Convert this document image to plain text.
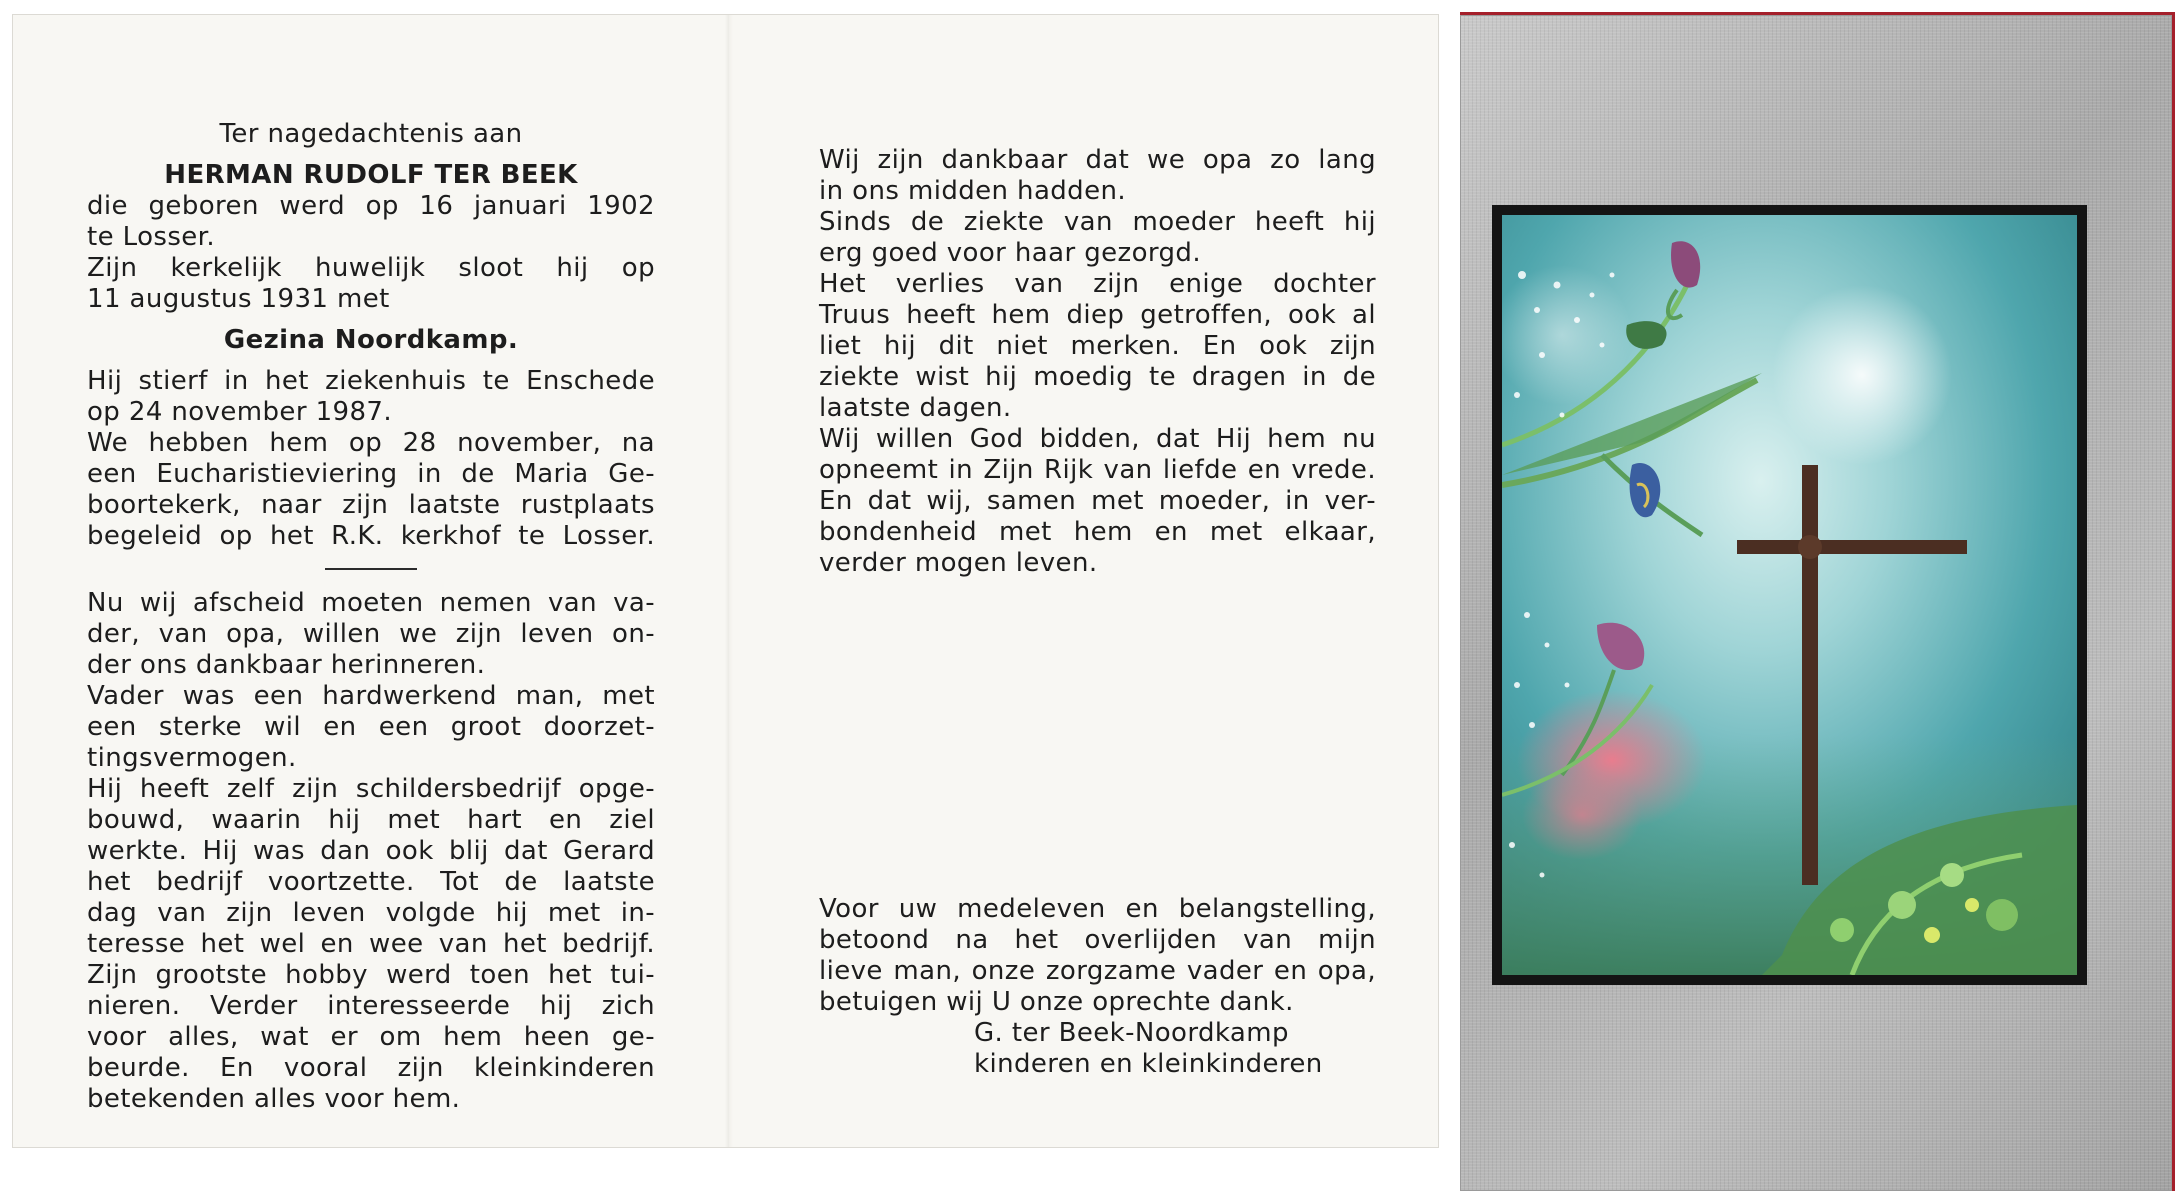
Ter nagedachtenis aan
HERMAN RUDOLF TER BEEK
die geboren werd op 16 januari 1902
te Losser.
Zijn kerkelijk huwelijk sloot hij op
11 augustus 1931 met
Gezina Noordkamp.
Hij stierf in het ziekenhuis te Enschede
op 24 november 1987.
We hebben hem op 28 november, na
een Eucharistieviering in de Maria Ge-
boortekerk, naar zijn laatste rustplaats
begeleid op het R.K. kerkhof te Losser.
Nu wij afscheid moeten nemen van va-
der, van opa, willen we zijn leven on-
der ons dankbaar herinneren.
Vader was een hardwerkend man, met
een sterke wil en een groot doorzet-
tingsvermogen.
Hij heeft zelf zijn schildersbedrijf opge-
bouwd, waarin hij met hart en ziel
werkte. Hij was dan ook blij dat Gerard
het bedrijf voortzette. Tot de laatste
dag van zijn leven volgde hij met in-
teresse het wel en wee van het bedrijf.
Zijn grootste hobby werd toen het tui-
nieren. Verder interesseerde hij zich
voor alles, wat er om hem heen ge-
beurde. En vooral zijn kleinkinderen
betekenden alles voor hem.
Wij zijn dankbaar dat we opa zo lang
in ons midden hadden.
Sinds de ziekte van moeder heeft hij
erg goed voor haar gezorgd.
Het verlies van zijn enige dochter
Truus heeft hem diep getroffen, ook al
liet hij dit niet merken. En ook zijn
ziekte wist hij moedig te dragen in de
laatste dagen.
Wij willen God bidden, dat Hij hem nu
opneemt in Zijn Rijk van liefde en vrede.
En dat wij, samen met moeder, in ver-
bondenheid met hem en met elkaar,
verder mogen leven.
Voor uw medeleven en belangstelling,
betoond na het overlijden van mijn
lieve man, onze zorgzame vader en opa,
betuigen wij U onze oprechte dank.
G. ter Beek-Noordkamp
kinderen en kleinkinderen
